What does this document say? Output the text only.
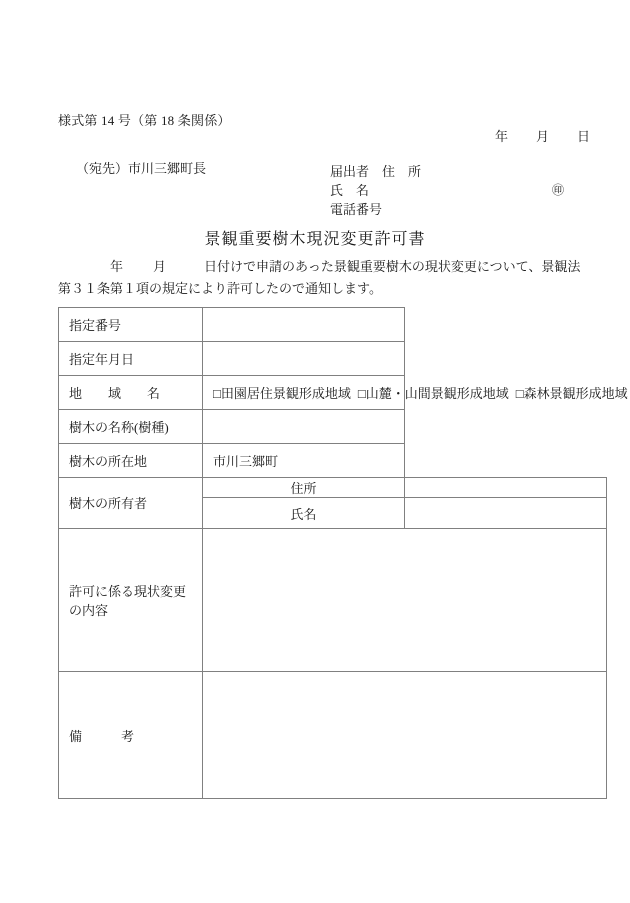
様式第 14 号（第 18 条関係）
年 月 日
（宛先）市川三郷町長	届出者 住　所
氏　名	㊞
電話番号
景観重要樹木現況変更許可書
年 月	日付けで申請のあった景観重要樹木の現状変更について、景観法第３１条第１項の規定により許可したので通知します。
指定番号		
指定年月日		
地　　域　　名	□田園居住景観形成地域 □山麓・山間景観形成地域 □森林景観形成地域	
樹木の名称(樹種)		
樹木の所在地	市川三郷町	
樹木の所有者	住所	
	氏名	
許可に係る現状変更の内容		
備　　　考		
